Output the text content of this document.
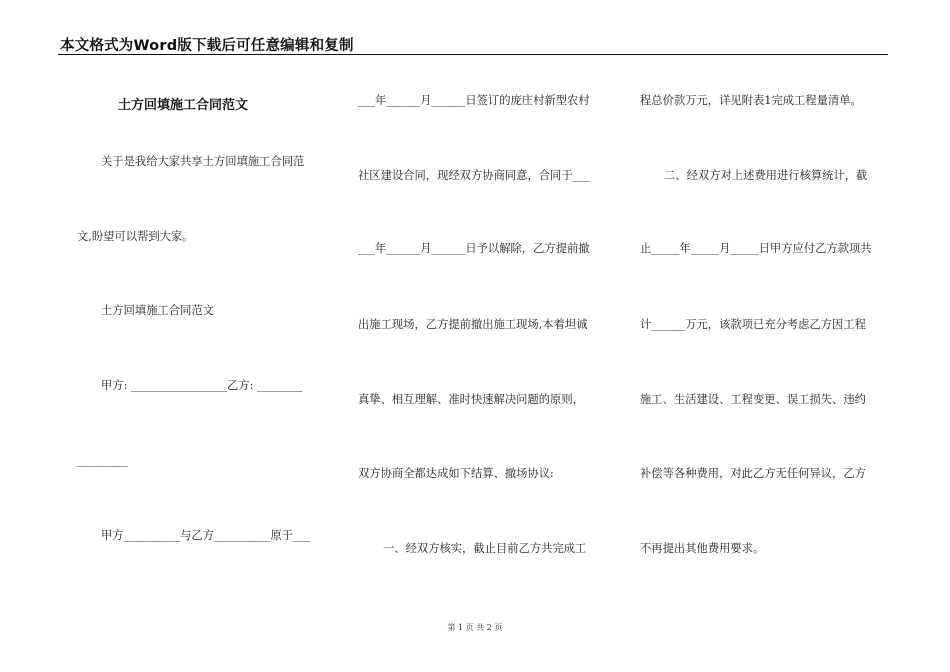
本文格式为Word版下载后可任意编辑和复制
土方回填施工合同范文
关于是我给大家共享土方回填施工合同范
文,盼望可以帮到大家。
土方回填施工合同范文
甲方: _________________乙方: ________
_________
甲方__________与乙方__________原于___
___年______月______日签订的庞庄村新型农村
社区建设合同，现经双方协商同意，合同于___
___年______月______日予以解除，乙方提前撤
出施工现场，乙方提前撤出施工现场,本着坦诚
真挚、相互理解、准时快速解决问题的原则，
双方协商全都达成如下结算、撤场协议:
一、经双方核实，截止目前乙方共完成工
程总价款万元，详见附表1完成工程量清单。
二、经双方对上述费用进行核算统计，截
止_____年_____月_____日甲方应付乙方款项共
计______万元，该款项已充分考虑乙方因工程
施工、生活建设、工程变更、误工损失、违约
补偿等各种费用，对此乙方无任何异议，乙方
不再提出其他费用要求。
第 1 页 共 2 页
